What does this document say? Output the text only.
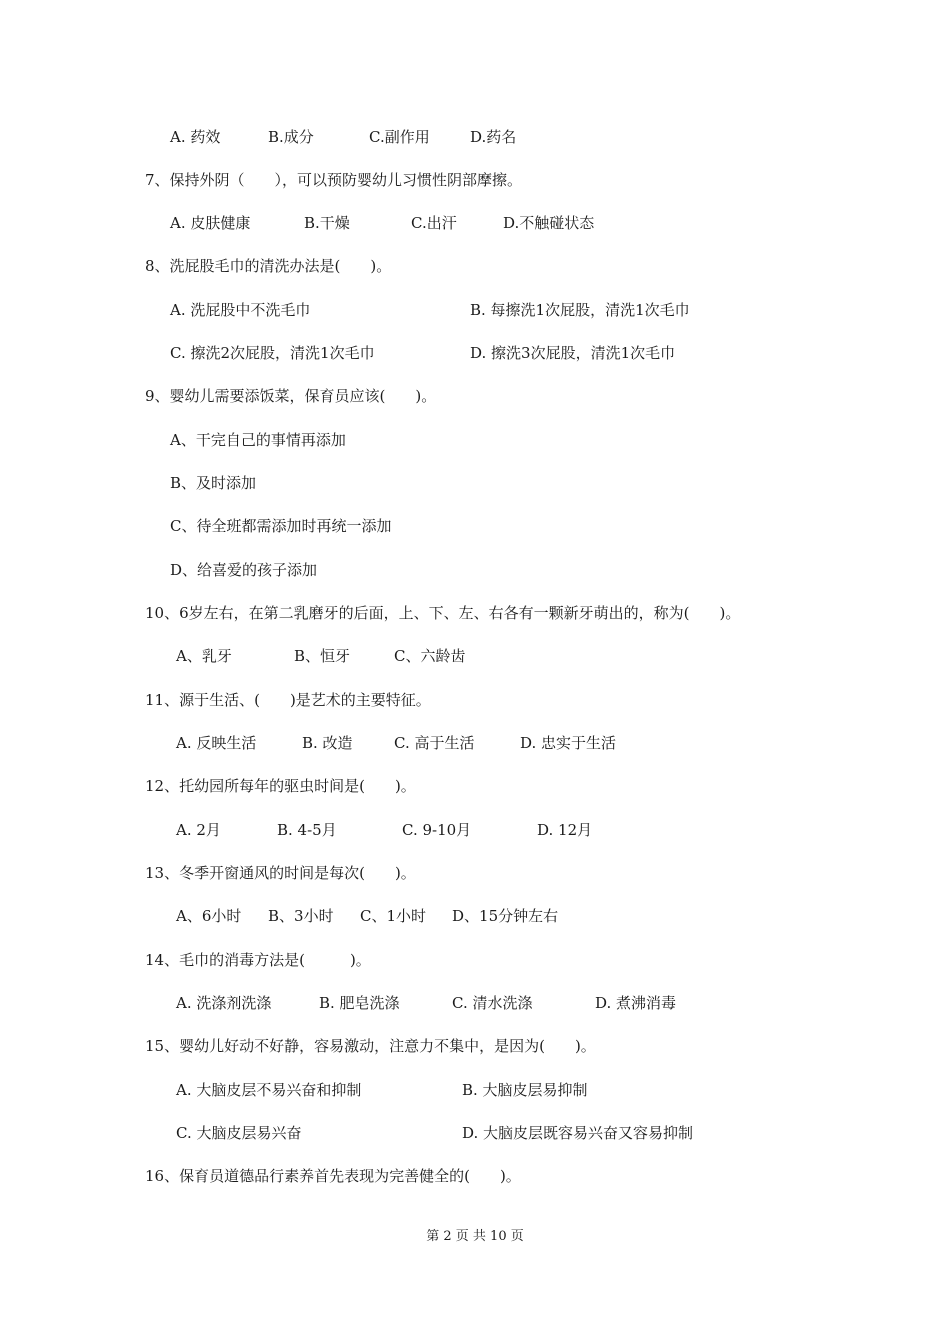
A. 药效	B.成分	C.副作用	D.药名
7、保持外阴（　　），可以预防婴幼儿习惯性阴部摩擦。
A. 皮肤健康	B.干燥	C.出汗	D.不触碰状态
8、洗屁股毛巾的清洗办法是(　　)。
A. 洗屁股中不洗毛巾	B. 每擦洗1次屁股，清洗1次毛巾
C. 擦洗2次屁股，清洗1次毛巾	D. 擦洗3次屁股，清洗1次毛巾
9、婴幼儿需要添饭菜，保育员应该(　　)。
A、干完自己的事情再添加
B、及时添加
C、待全班都需添加时再统一添加
D、给喜爱的孩子添加
10、6岁左右，在第二乳磨牙的后面，上、下、左、右各有一颗新牙萌出的，称为(　　)。
A、乳牙	B、恒牙	C、六龄齿
11、源于生活、(　　)是艺术的主要特征。
A. 反映生活	B. 改造	C. 高于生活	D. 忠实于生活
12、托幼园所每年的驱虫时间是(　　)。
A. 2月	B. 4-5月	C. 9-10月	D. 12月
13、冬季开窗通风的时间是每次(　　)。
A、6小时 B、3小时 C、1小时 D、15分钟左右
14、毛巾的消毒方法是(　　　)。
A. 洗涤剂洗涤	B. 肥皂洗涤	C. 清水洗涤	D. 煮沸消毒
15、婴幼儿好动不好静，容易激动，注意力不集中，是因为(　　)。
A. 大脑皮层不易兴奋和抑制	B. 大脑皮层易抑制
C. 大脑皮层易兴奋	D. 大脑皮层既容易兴奋又容易抑制
16、保育员道德品行素养首先表现为完善健全的(　　)。
第 2 页 共 10 页
